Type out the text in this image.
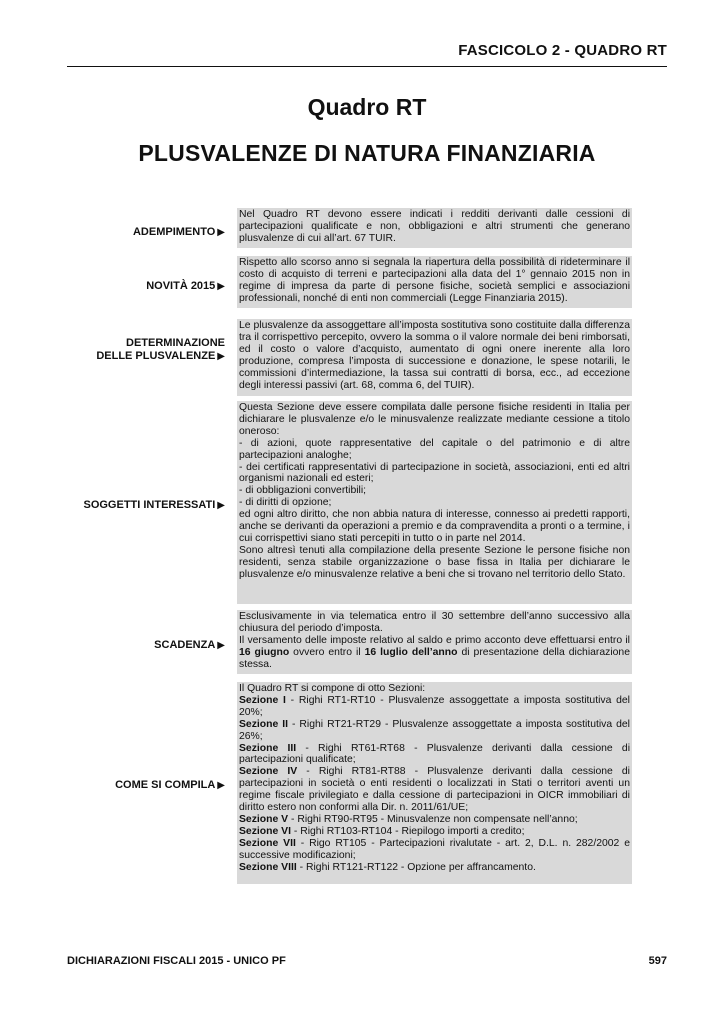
FASCICOLO 2 - QUADRO RT
Quadro RT
PLUSVALENZE DI NATURA FINANZIARIA
ADEMPIMENTO ▶

Nel Quadro RT devono essere indicati i redditi derivanti dalle cessioni di partecipazioni qualificate e non, obbligazioni e altri strumenti che generano plusvalenze di cui all’art. 67 TUIR.

NOVITÀ 2015 ▶

Rispetto allo scorso anno si segnala la riapertura della possibilità di rideterminare il costo di acquisto di terreni e partecipazioni alla data del 1° gennaio 2015 non in regime di impresa da parte di persone fisiche, società semplici e associazioni professionali, nonché di enti non commerciali (Legge Finanziaria 2015).

DETERMINAZIONE
DELLE PLUSVALENZE ▶

Le plusvalenze da assoggettare all’imposta sostitutiva sono costituite dalla differenza tra il corrispettivo percepito, ovvero la somma o il valore normale dei beni rimborsati, ed il costo o valore d’acquisto, aumentato di ogni onere inerente alla loro produzione, compresa l’imposta di successione e donazione, le spese notarili, le commissioni d’intermediazione, la tassa sui contratti di borsa, ecc., ad eccezione degli interessi passivi (art. 68, comma 6, del TUIR).

SOGGETTI INTERESSATI ▶

Questa Sezione deve essere compilata dalle persone fisiche residenti in Italia per dichiarare le plusvalenze e/o le minusvalenze realizzate mediante cessione a titolo oneroso:

- di azioni, quote rappresentative del capitale o del patrimonio e di altre partecipazioni analoghe;

- dei certificati rappresentativi di partecipazione in società, associazioni, enti ed altri organismi nazionali ed esteri;

- di obbligazioni convertibili;

- di diritti di opzione;

ed ogni altro diritto, che non abbia natura di interesse, connesso ai predetti rapporti, anche se derivanti da operazioni a premio e da compravendita a pronti o a termine, i cui corrispettivi siano stati percepiti in tutto o in parte nel 2014.

Sono altresì tenuti alla compilazione della presente Sezione le persone fisiche non residenti, senza stabile organizzazione o base fissa in Italia per dichiarare le plusvalenze e/o minusvalenze relative a beni che si trovano nel territorio dello Stato.

SCADENZA ▶

Esclusivamente in via telematica entro il 30 settembre dell’anno successivo alla chiusura del periodo d’imposta.

Il versamento delle imposte relativo al saldo e primo acconto deve effettuarsi entro il 16 giugno ovvero entro il 16 luglio dell’anno di presentazione della dichiarazione stessa.

COME SI COMPILA ▶

Il Quadro RT si compone di otto Sezioni:

Sezione I - Righi RT1-RT10 - Plusvalenze assoggettate a imposta sostitutiva del 20%;

Sezione II - Righi RT21-RT29 - Plusvalenze assoggettate a imposta sostitutiva del 26%;

Sezione III - Righi RT61-RT68 - Plusvalenze derivanti dalla cessione di partecipazioni qualificate;

Sezione IV - Righi RT81-RT88 - Plusvalenze derivanti dalla cessione di partecipazioni in società o enti residenti o localizzati in Stati o territori aventi un regime fiscale privilegiato e dalla cessione di partecipazioni in OICR immobiliari di diritto estero non conformi alla Dir. n. 2011/61/UE;

Sezione V - Righi RT90-RT95 - Minusvalenze non compensate nell’anno;

Sezione VI - Righi RT103-RT104 - Riepilogo importi a credito;

Sezione VII - Rigo RT105 - Partecipazioni rivalutate - art. 2, D.L. n. 282/2002 e successive modificazioni;

Sezione VIII - Righi RT121-RT122 - Opzione per affrancamento.

DICHIARAZIONI FISCALI 2015 - UNICO PF	597
